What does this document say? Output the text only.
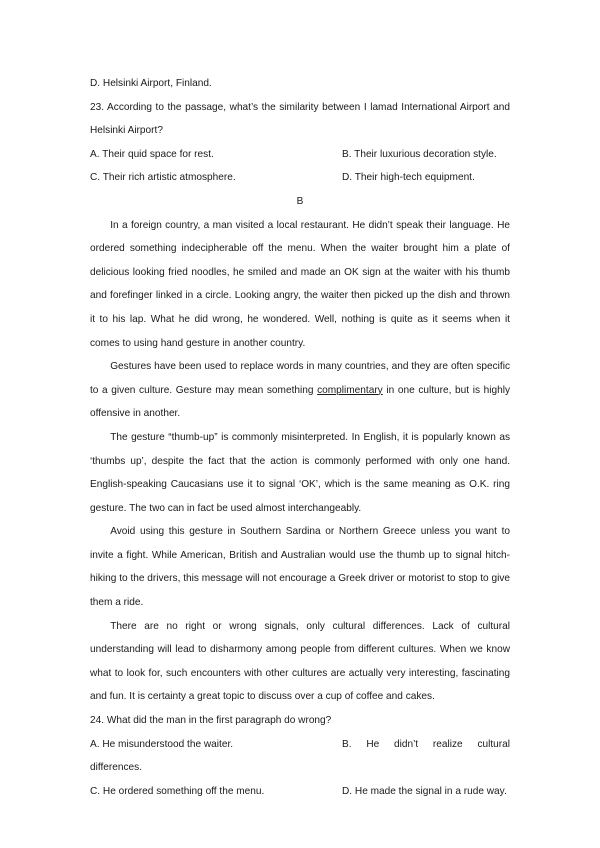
D. Helsinki Airport, Finland.

23. According to the passage, what’s the similarity between I lamad International Airport and Helsinki Airport?

A. Their quid space for rest.	B. Their luxurious decoration style.
C. Their rich artistic atmosphere.	D. Their high-tech equipment.

B

In a foreign country, a man visited a local restaurant. He didn’t speak their language. He ordered something indecipherable off the menu. When the waiter brought him a plate of delicious looking fried noodles, he smiled and made an OK sign at the waiter with his thumb and forefinger linked in a circle. Looking angry, the waiter then picked up the dish and thrown it to his lap. What he did wrong, he wondered. Well, nothing is quite as it seems when it comes to using hand gesture in another country.

Gestures have been used to replace words in many countries, and they are often specific to a given culture. Gesture may mean something complimentary in one culture, but is highly offensive in another.

The gesture “thumb-up” is commonly misinterpreted. In English, it is popularly known as ‘thumbs up’, despite the fact that the action is commonly performed with only one hand. English-speaking Caucasians use it to signal ‘OK’, which is the same meaning as O.K. ring gesture. The two can in fact be used almost interchangeably.

Avoid using this gesture in Southern Sardina or Northern Greece unless you want to invite a fight. While American, British and Australian would use the thumb up to signal hitch-hiking to the drivers, this message will not encourage a Greek driver or motorist to stop to give them a ride.

There are no right or wrong signals, only cultural differences. Lack of cultural understanding will lead to disharmony among people from different cultures. When we know what to look for, such encounters with other cultures are actually very interesting, fascinating and fun. It is certainty a great topic to discuss over a cup of coffee and cakes.

24. What did the man in the first paragraph do wrong?

A. He misunderstood the waiter.	B. He didn’t realize cultural
differences.
C. He ordered something off the menu.	D. He made the signal in a rude way.
